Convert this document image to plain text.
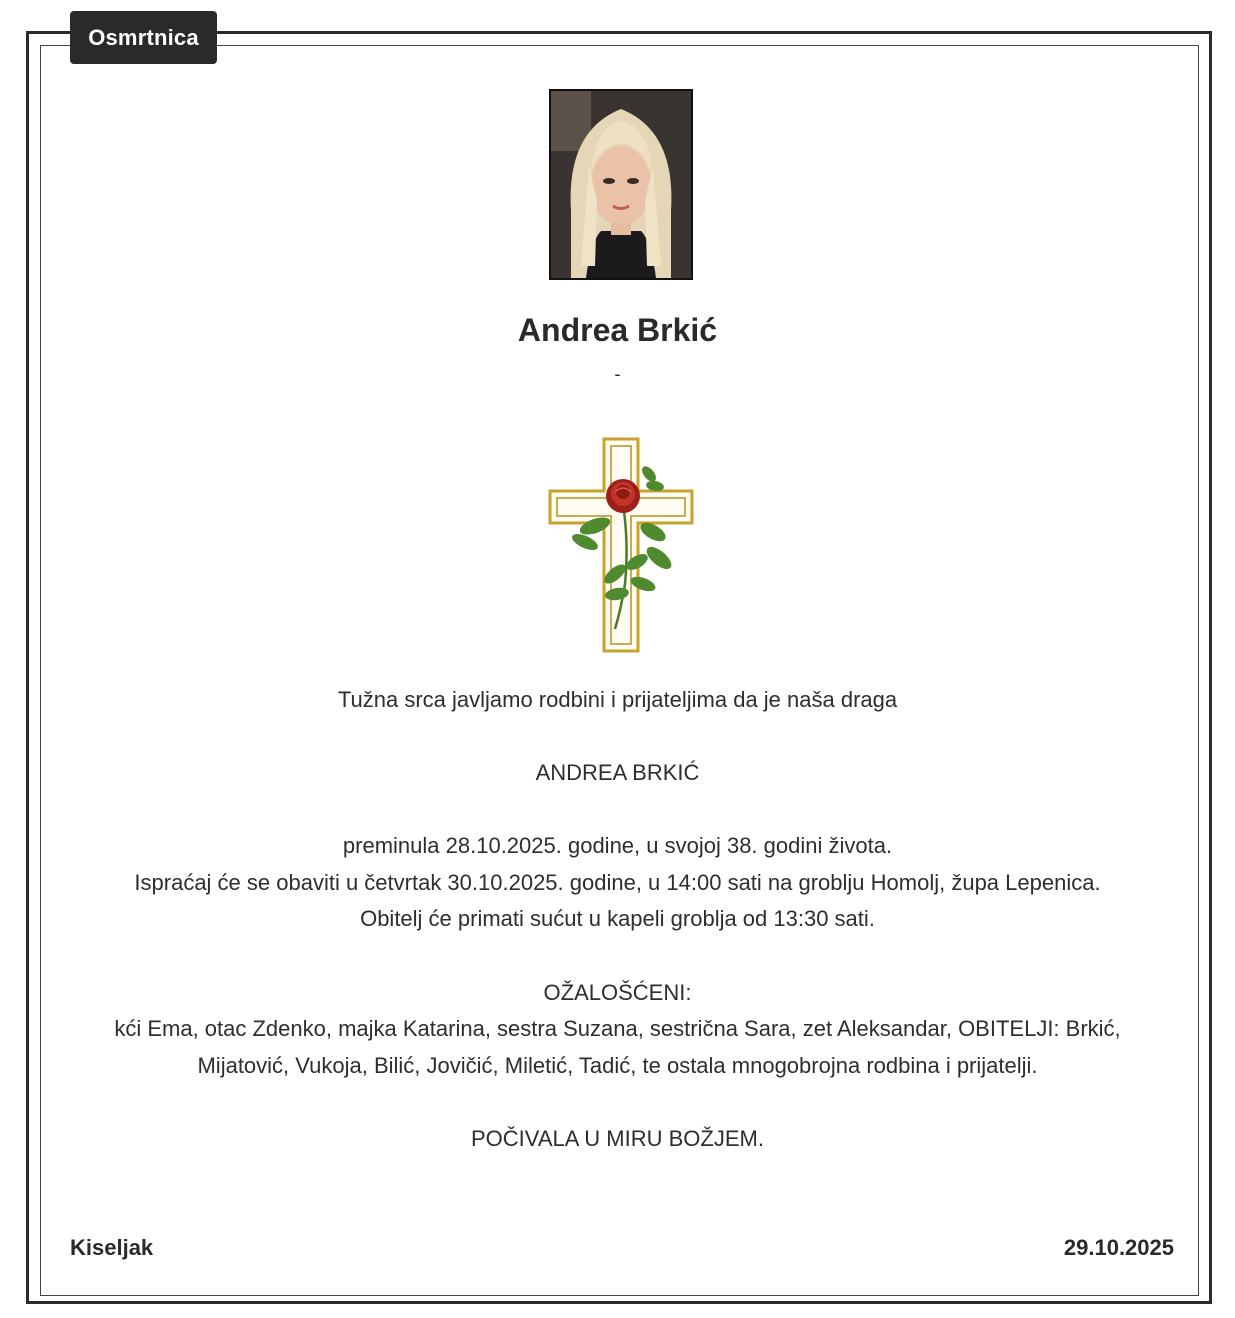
Osmrtnica
Andrea Brkić
-
Tužna srca javljamo rodbini i prijateljima da je naša draga
ANDREA BRKIĆ
preminula 28.10.2025. godine, u svojoj 38. godini života.
Ispraćaj će se obaviti u četvrtak 30.10.2025. godine, u 14:00 sati na groblju Homolj, župa Lepenica.
Obitelj će primati sućut u kapeli groblja od 13:30 sati.
OŽALOŠĆENI:
kći Ema, otac Zdenko, majka Katarina, sestra Suzana, sestrična Sara, zet Aleksandar, OBITELJI: Brkić,
Mijatović, Vukoja, Bilić, Jovičić, Miletić, Tadić, te ostala mnogobrojna rodbina i prijatelji.
POČIVALA U MIRU BOŽJEM.
Kiseljak	29.10.2025
